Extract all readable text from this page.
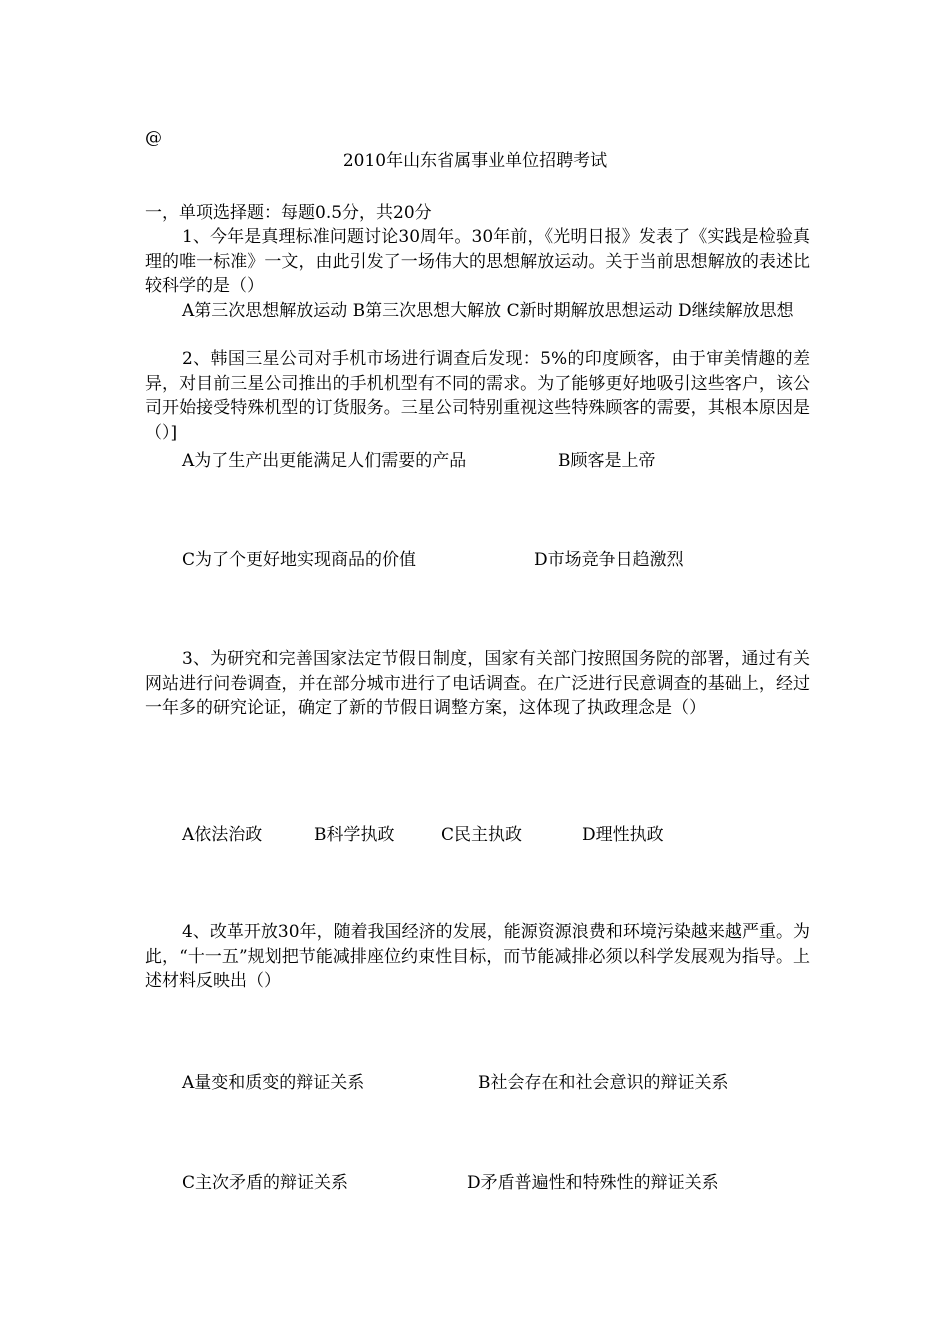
@
2010年山东省属事业单位招聘考试
一，单项选择题：每题0.5分，共20分
1、今年是真理标准问题讨论30周年。30年前，《光明日报》发表了《实践是检验真理的唯一标准》一文，由此引发了一场伟大的思想解放运动。关于当前思想解放的表述比较科学的是（）
A第三次思想解放运动 B第三次思想大解放 C新时期解放思想运动 D继续解放思想
2、韩国三星公司对手机市场进行调查后发现：5%的印度顾客，由于审美情趣的差异，对目前三星公司推出的手机机型有不同的需求。为了能够更好地吸引这些客户，该公司开始接受特殊机型的订货服务。三星公司特别重视这些特殊顾客的需要，其根本原因是（）]
A为了生产出更能满足人们需要的产品	B顾客是上帝
C为了个更好地实现商品的价值	D市场竞争日趋激烈
3、为研究和完善国家法定节假日制度，国家有关部门按照国务院的部署，通过有关网站进行问卷调查，并在部分城市进行了电话调查。在广泛进行民意调查的基础上，经过一年多的研究论证，确定了新的节假日调整方案，这体现了执政理念是（）
A依法治政	B科学执政	C民主执政	D理性执政
4、改革开放30年，随着我国经济的发展，能源资源浪费和环境污染越来越严重。为此，“十一五”规划把节能减排座位约束性目标，而节能减排必须以科学发展观为指导。上述材料反映出（）
A量变和质变的辩证关系	B社会存在和社会意识的辩证关系
C主次矛盾的辩证关系	D矛盾普遍性和特殊性的辩证关系
